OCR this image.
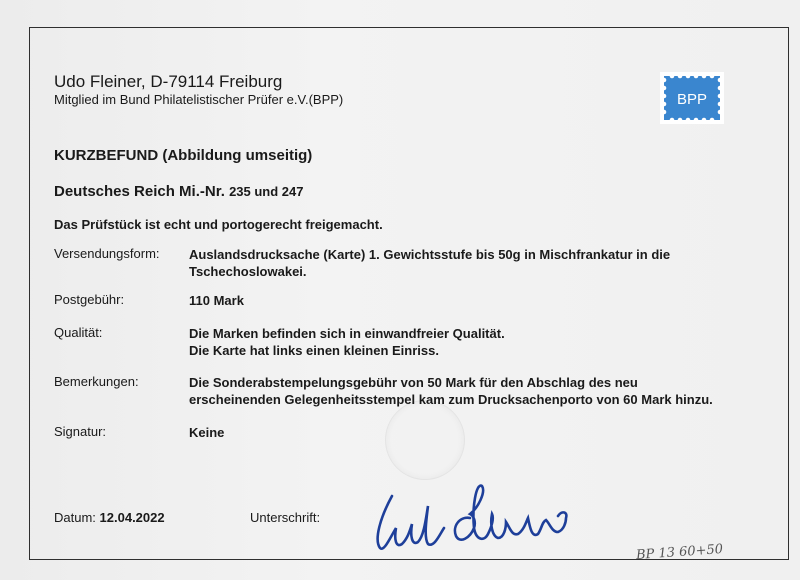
Udo Fleiner, D-79114 Freiburg
Mitglied im Bund Philatelistischer Prüfer e.V.(BPP)	BPP
KURZBEFUND (Abbildung umseitig)
Deutsches Reich Mi.-Nr. 235 und 247
Das Prüfstück ist echt und portogerecht freigemacht.
Versendungsform: Auslandsdrucksache (Karte) 1. Gewichtsstufe bis 50g in Mischfrankatur in die
Tschechoslowakei.
Postgebühr:	110 Mark
Qualität:	Die Marken befinden sich in einwandfreier Qualität.
Die Karte hat links einen kleinen Einriss.
Bemerkungen:	Die Sonderabstempelungsgebühr von 50 Mark für den Abschlag des neu
erscheinenden Gelegenheitsstempel kam zum Drucksachenporto von 60 Mark hinzu.
Signatur:	Keine
Datum: 12.04.2022	Unterschrift:
BP 13 60+50
